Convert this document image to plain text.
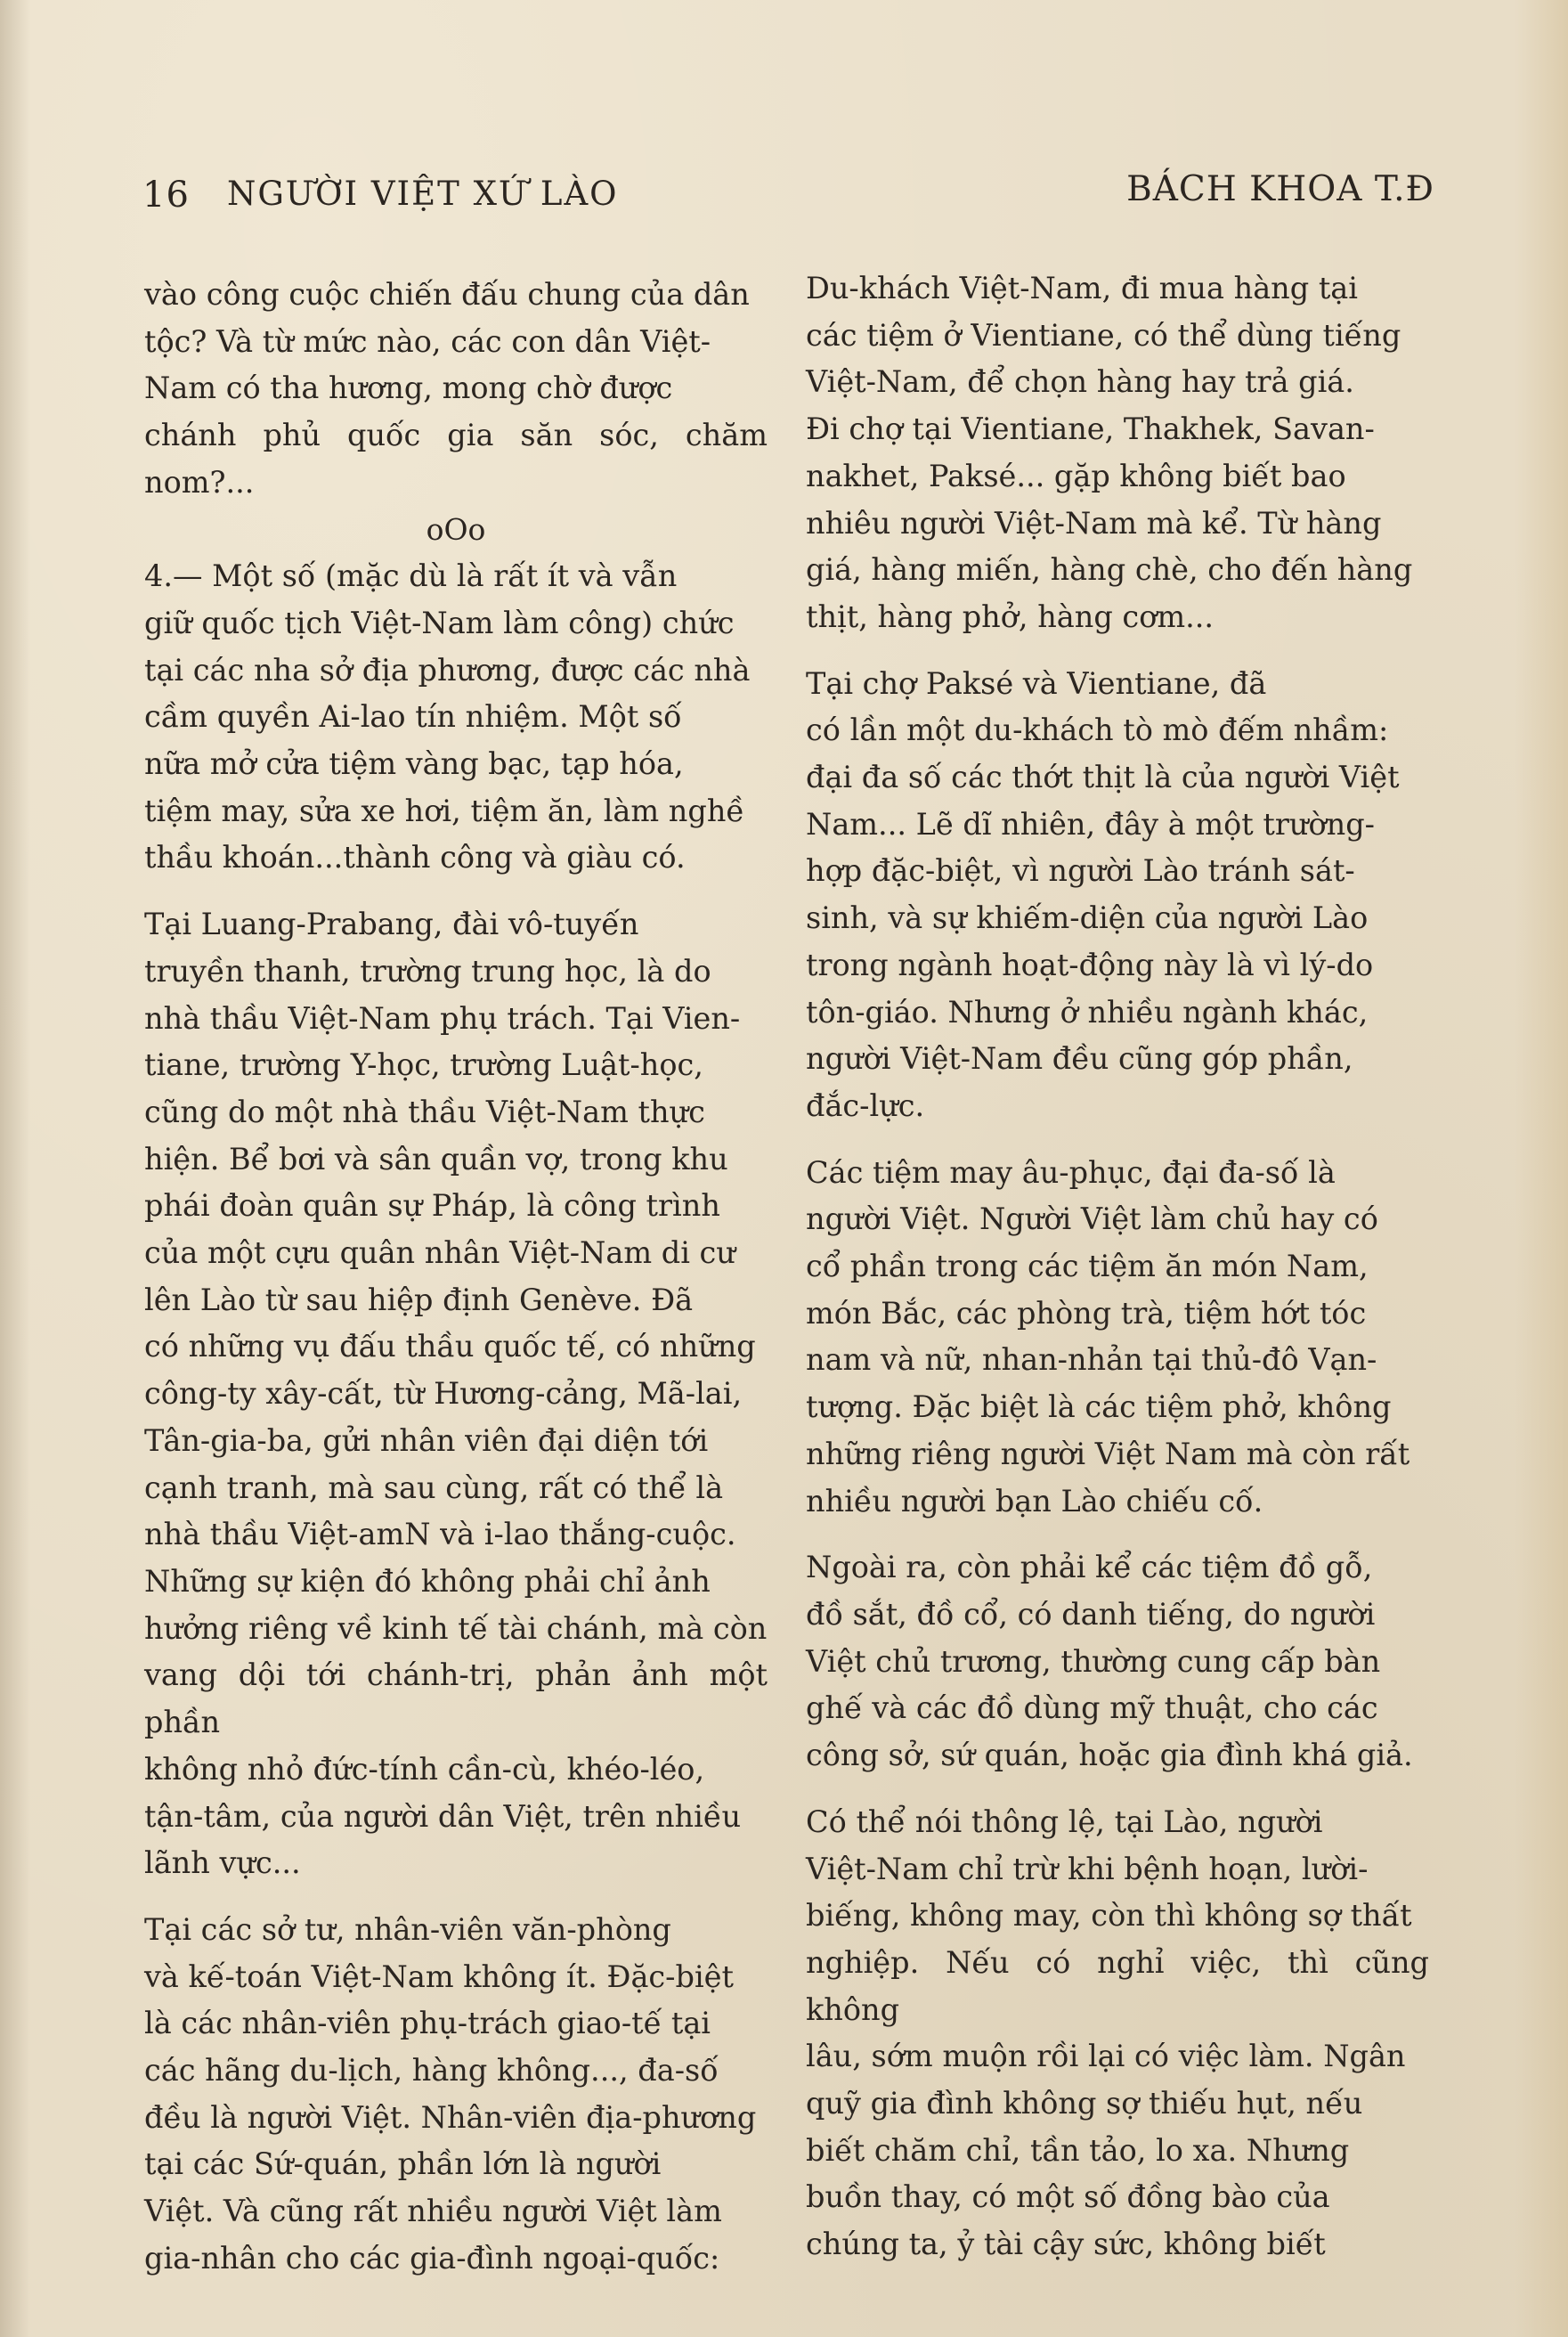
16 NGƯỜI VIỆT XỨ LÀO	BÁCH KHOA T.Đ

vào công cuộc chiến đấu chung của dân
tộc? Và từ mức nào, các con dân Việt-
Nam có tha hương, mong chờ được
chánh phủ quốc gia săn sóc, chăm nom?...

oOo

4.— Một số (mặc dù là rất ít và vẫn
giữ quốc tịch Việt-Nam làm công) chức
tại các nha sở địa phương, được các nhà
cầm quyền Ai-lao tín nhiệm. Một số
nữa mở cửa tiệm vàng bạc, tạp hóa,
tiệm may, sửa xe hơi, tiệm ăn, làm nghề
thầu khoán...thành công và giàu có.

Tại Luang-Prabang, đài vô-tuyến
truyền thanh, trường trung học, là do
nhà thầu Việt-Nam phụ trách. Tại Vien-
tiane, trường Y-học, trường Luật-học,
cũng do một nhà thầu Việt-Nam thực
hiện. Bể bơi và sân quần vợ, trong khu
phái đoàn quân sự Pháp, là công trình
của một cựu quân nhân Việt-Nam di cư
lên Lào từ sau hiệp định Genève. Đã
có những vụ đấu thầu quốc tế, có những
công-ty xây-cất, từ Hương-cảng, Mã-lai,
Tân-gia-ba, gửi nhân viên đại diện tới
cạnh tranh, mà sau cùng, rất có thể là
nhà thầu Việt-amN và i-lao thắng-cuộc.

Những sự kiện đó không phải chỉ ảnh
hưởng riêng về kinh tế tài chánh, mà còn
vang dội tới chánh-trị, phản ảnh một phần
không nhỏ đức-tính cần-cù, khéo-léo,
tận-tâm, của người dân Việt, trên nhiều
lãnh vực...

Tại các sở tư, nhân-viên văn-phòng
và kế-toán Việt-Nam không ít. Đặc-biệt
là các nhân-viên phụ-trách giao-tế tại
các hãng du-lịch, hàng không..., đa-số
đều là người Việt. Nhân-viên địa-phương
tại các Sứ-quán, phần lớn là người
Việt. Và cũng rất nhiều người Việt làm
gia-nhân cho các gia-đình ngoại-quốc:

Du-khách Việt-Nam, đi mua hàng tại
các tiệm ở Vientiane, có thể dùng tiếng
Việt-Nam, để chọn hàng hay trả giá.
Đi chợ tại Vientiane, Thakhek, Savan-
nakhet, Paksé... gặp không biết bao
nhiêu người Việt-Nam mà kể. Từ hàng
giá, hàng miến, hàng chè, cho đến hàng
thịt, hàng phở, hàng cơm...

Tại chợ Paksé và Vientiane, đã
có lần một du-khách tò mò đếm nhầm:
đại đa số các thớt thịt là của người Việt
Nam... Lẽ dĩ nhiên, đây à một trường-
hợp đặc-biệt, vì người Lào tránh sát-
sinh, và sự khiếm-diện của người Lào
trong ngành hoạt-động này là vì lý-do
tôn-giáo. Nhưng ở nhiều ngành khác,
người Việt-Nam đều cũng góp phần,
đắc-lực.

Các tiệm may âu-phục, đại đa-số là
người Việt. Người Việt làm chủ hay có
cổ phần trong các tiệm ăn món Nam,
món Bắc, các phòng trà, tiệm hớt tóc
nam và nữ, nhan-nhản tại thủ-đô Vạn-
tượng. Đặc biệt là các tiệm phở, không
những riêng người Việt Nam mà còn rất
nhiều người bạn Lào chiếu cố.

Ngoài ra, còn phải kể các tiệm đồ gỗ,
đồ sắt, đồ cổ, có danh tiếng, do người
Việt chủ trương, thường cung cấp bàn
ghế và các đồ dùng mỹ thuật, cho các
công sở, sứ quán, hoặc gia đình khá giả.

Có thể nói thông lệ, tại Lào, người
Việt-Nam chỉ trừ khi bệnh hoạn, lười-
biếng, không may, còn thì không sợ thất
nghiệp. Nếu có nghỉ việc, thì cũng không
lâu, sớm muộn rồi lại có việc làm. Ngân
quỹ gia đình không sợ thiếu hụt, nếu
biết chăm chỉ, tần tảo, lo xa. Nhưng
buồn thay, có một số đồng bào của
chúng ta, ỷ tài cậy sức, không biết
